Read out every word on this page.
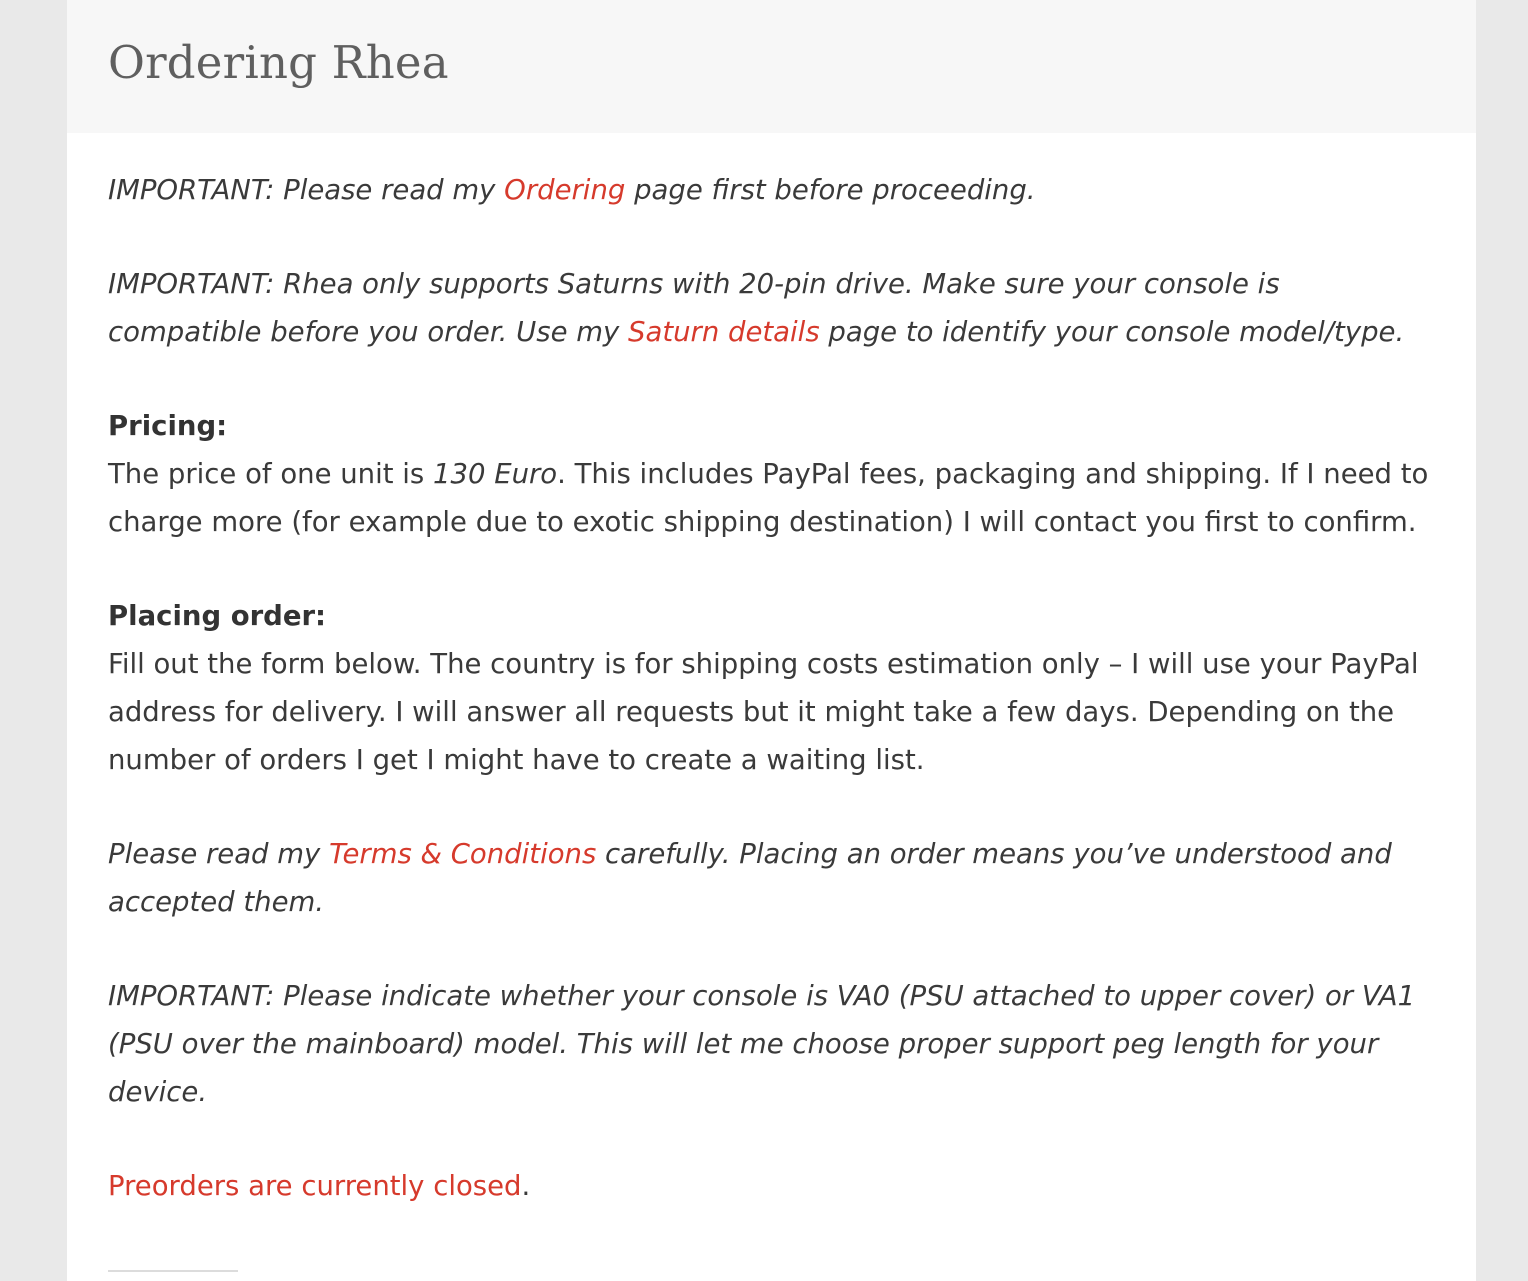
Ordering Rhea

IMPORTANT: Please read my Ordering page first before proceeding.

IMPORTANT: Rhea only supports Saturns with 20-pin drive. Make sure your console is compatible before you order. Use my Saturn details page to identify your console model/type.

Pricing:
The price of one unit is 130 Euro. This includes PayPal fees, packaging and shipping. If I need to charge more (for example due to exotic shipping destination) I will contact you first to confirm.

Placing order:
Fill out the form below. The country is for shipping costs estimation only – I will use your PayPal address for delivery. I will answer all requests but it might take a few days. Depending on the number of orders I get I might have to create a waiting list.

Please read my Terms & Conditions carefully. Placing an order means you’ve understood and accepted them.

IMPORTANT: Please indicate whether your console is VA0 (PSU attached to upper cover) or VA1 (PSU over the mainboard) model. This will let me choose proper support peg length for your device.

Preorders are currently closed.
